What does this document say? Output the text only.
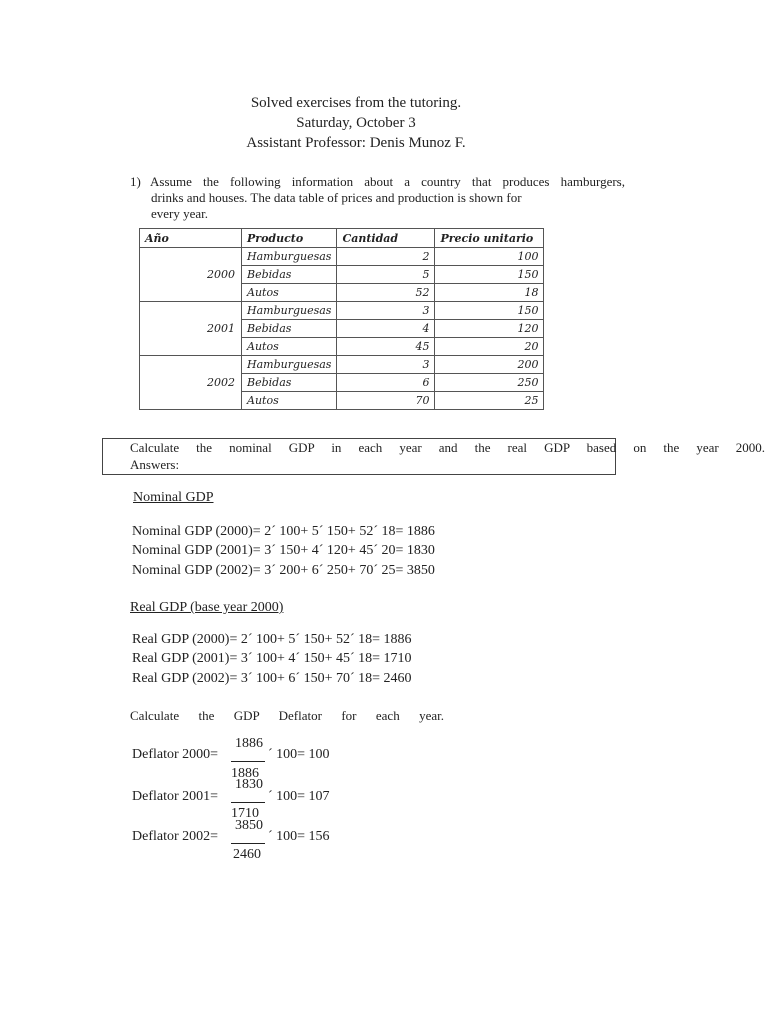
Solved exercises from the tutoring.
Saturday, October 3
Assistant Professor: Denis Munoz F.
1) Assume the following information about a country that produces hamburgers,
drinks and houses. The data table of prices and production is shown for
every year.
Año	Producto	Cantidad	Precio unitario
2000	Hamburguesas	2	100
	Bebidas	5	150
	Autos	52	18
2001	Hamburguesas	3	150
	Bebidas	4	120
	Autos	45	20
2002	Hamburguesas	3	200
	Bebidas	6	250
	Autos	70	25
Calculate the nominal GDP in each year and the real GDP based on the year 2000.
Answers:
Nominal GDP
Nominal GDP (2000)= 2´ 100+ 5´ 150+ 52´ 18= 1886
Nominal GDP (2001)= 3´ 150+ 4´ 120+ 45´ 20= 1830
Nominal GDP (2002)= 3´ 200+ 6´ 250+ 70´ 25= 3850
Real GDP (base year 2000)
Real GDP (2000)= 2´ 100+ 5´ 150+ 52´ 18= 1886
Real GDP (2001)= 3´ 100+ 4´ 150+ 45´ 18= 1710
Real GDP (2002)= 3´ 100+ 6´ 150+ 70´ 18= 2460
Calculate the GDP Deflator for each year.
Deflator 2000=
1886
1886
´ 100= 100
Deflator 2001=
1830
1710
´ 100= 107
Deflator 2002=
3850
2460
´ 100= 156
